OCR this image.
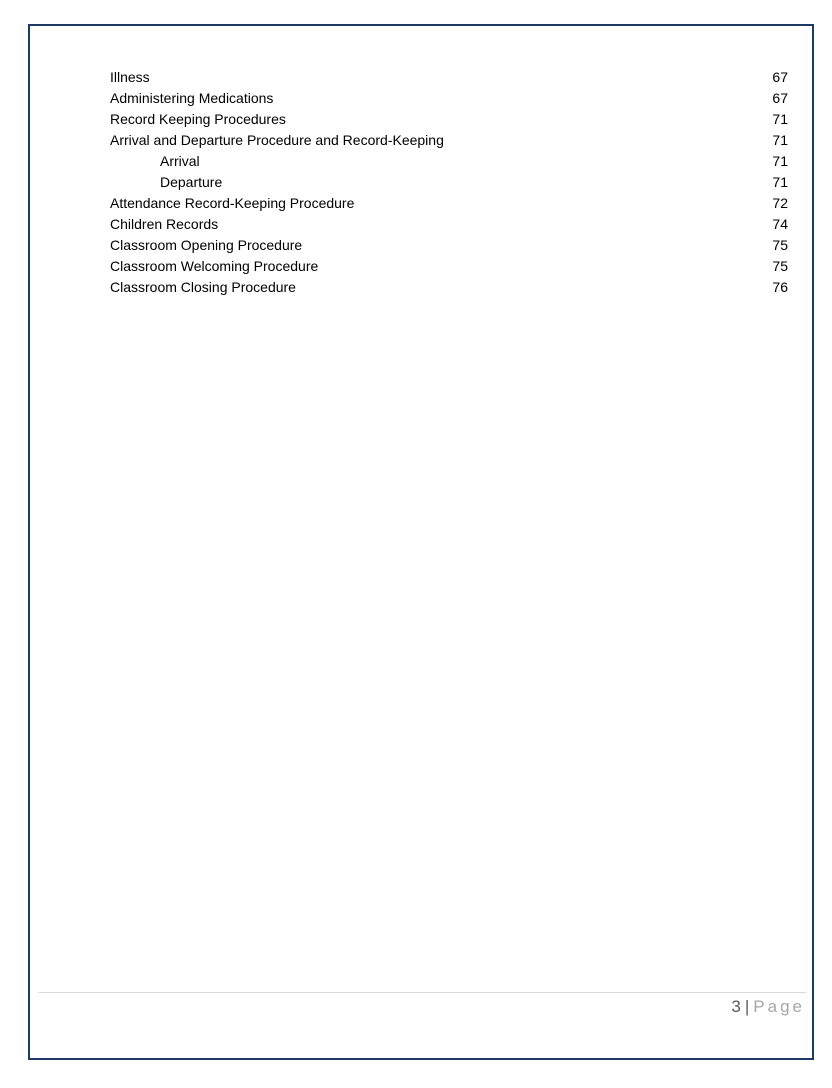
Illness	67
Administering Medications	67
Record Keeping Procedures	71
Arrival and Departure Procedure and Record-Keeping	71
Arrival	71
Departure	71
Attendance Record-Keeping Procedure	72
Children Records	74
Classroom Opening Procedure	75
Classroom Welcoming Procedure	75
Classroom Closing Procedure	76
3 | Page
